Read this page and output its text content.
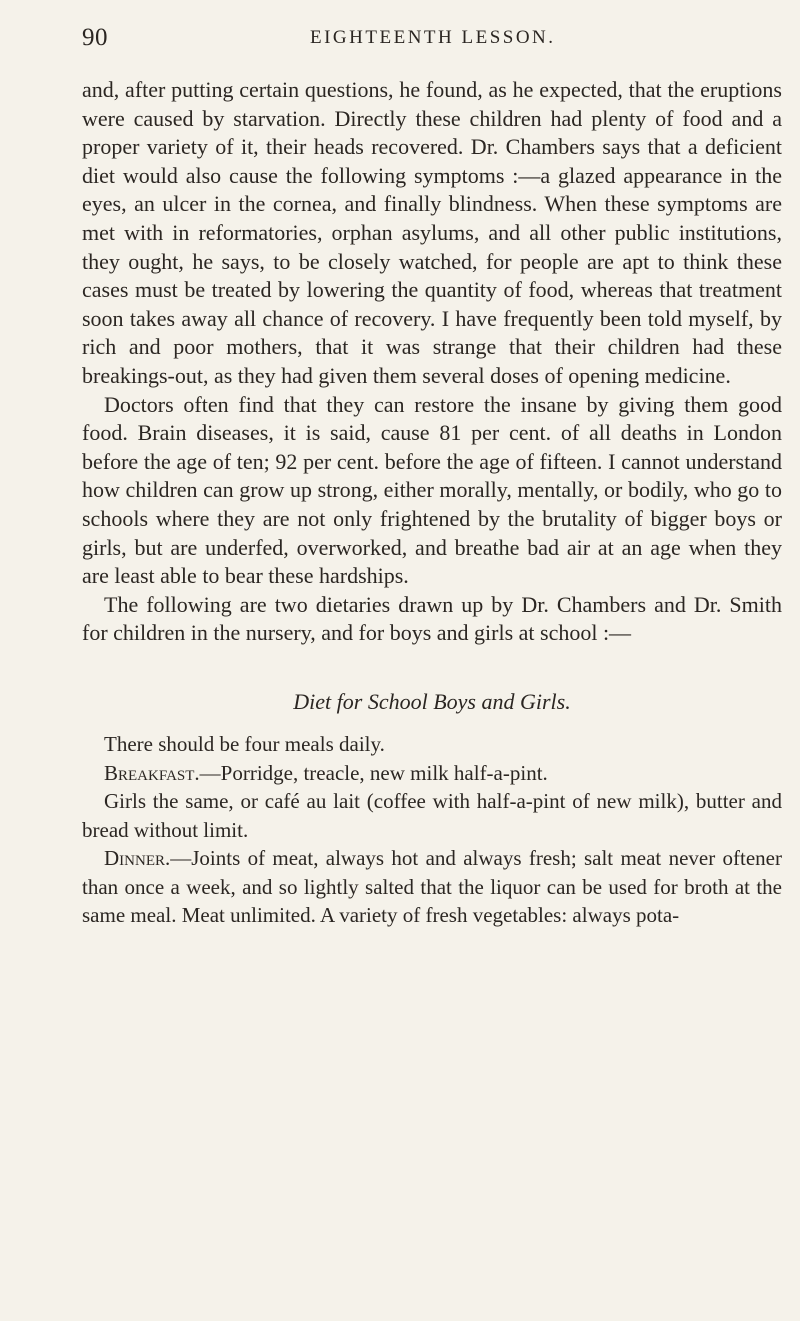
90	EIGHTEENTH LESSON.

and, after putting certain questions, he found, as he expected, that the eruptions were caused by starvation. Directly these children had plenty of food and a proper variety of it, their heads recovered. Dr. Chambers says that a deficient diet would also cause the following symptoms :—a glazed appearance in the eyes, an ulcer in the cornea, and finally blindness. When these symptoms are met with in reformatories, orphan asylums, and all other public institutions, they ought, he says, to be closely watched, for people are apt to think these cases must be treated by lowering the quantity of food, whereas that treatment soon takes away all chance of recovery. I have frequently been told myself, by rich and poor mothers, that it was strange that their children had these breakings-out, as they had given them several doses of opening medicine.

Doctors often find that they can restore the insane by giving them good food. Brain diseases, it is said, cause 81 per cent. of all deaths in London before the age of ten; 92 per cent. before the age of fifteen. I cannot understand how children can grow up strong, either morally, mentally, or bodily, who go to schools where they are not only frightened by the brutality of bigger boys or girls, but are underfed, overworked, and breathe bad air at an age when they are least able to bear these hardships.

The following are two dietaries drawn up by Dr. Chambers and Dr. Smith for children in the nursery, and for boys and girls at school :—

Diet for School Boys and Girls.

There should be four meals daily.

Breakfast.—Porridge, treacle, new milk half-a-pint.

Girls the same, or café au lait (coffee with half-a-pint of new milk), butter and bread without limit.

Dinner.—Joints of meat, always hot and always fresh; salt meat never oftener than once a week, and so lightly salted that the liquor can be used for broth at the same meal. Meat unlimited. A variety of fresh vegetables: always pota-
